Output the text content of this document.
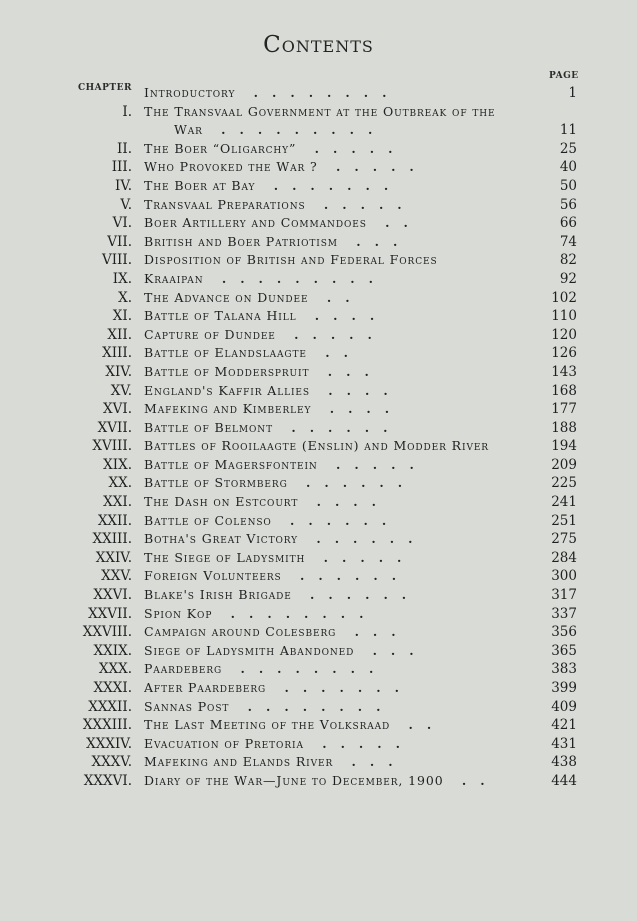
Contents
CHAPTER
PAGE
Introductory ........	1
I. The Transvaal Government at the Outbreak of the
War .........	11
II. The Boer “Oligarchy” .....	25
III. Who Provoked the War ? .....	40
IV. The Boer at Bay .......	50
V. Transvaal Preparations .....	56
VI. Boer Artillery and Commandoes ..	66
VII. British and Boer Patriotism ...	74
VIII. Disposition of British and Federal Forces	82
IX. Kraaipan .........	92
X. The Advance on Dundee ..	102
XI. Battle of Talana Hill ....	110
XII. Capture of Dundee .....	120
XIII. Battle of Elandslaagte ..	126
XIV. Battle of Modderspruit ...	143
XV. England's Kaffir Allies ....	168
XVI. Mafeking and Kimberley ....	177
XVII. Battle of Belmont ......	188
XVIII. Battles of Rooilaagte (Enslin) and Modder River	194
XIX. Battle of Magersfontein .....	209
XX. Battle of Stormberg ......	225
XXI. The Dash on Estcourt ....	241
XXII. Battle of Colenso ......	251
XXIII. Botha's Great Victory ......	275
XXIV. The Siege of Ladysmith .....	284
XXV. Foreign Volunteers ......	300
XXVI. Blake's Irish Brigade ......	317
XXVII. Spion Kop ........	337
XXVIII. Campaign around Colesberg ...	356
XXIX. Siege of Ladysmith Abandoned ...	365
XXX. Paardeberg ........	383
XXXI. After Paardeberg .......	399
XXXII. Sannas Post ........	409
XXXIII. The Last Meeting of the Volksraad ..	421
XXXIV. Evacuation of Pretoria .....	431
XXXV. Mafeking and Elands River ...	438
XXXVI. Diary of the War—June to December, 1900 ..	444
